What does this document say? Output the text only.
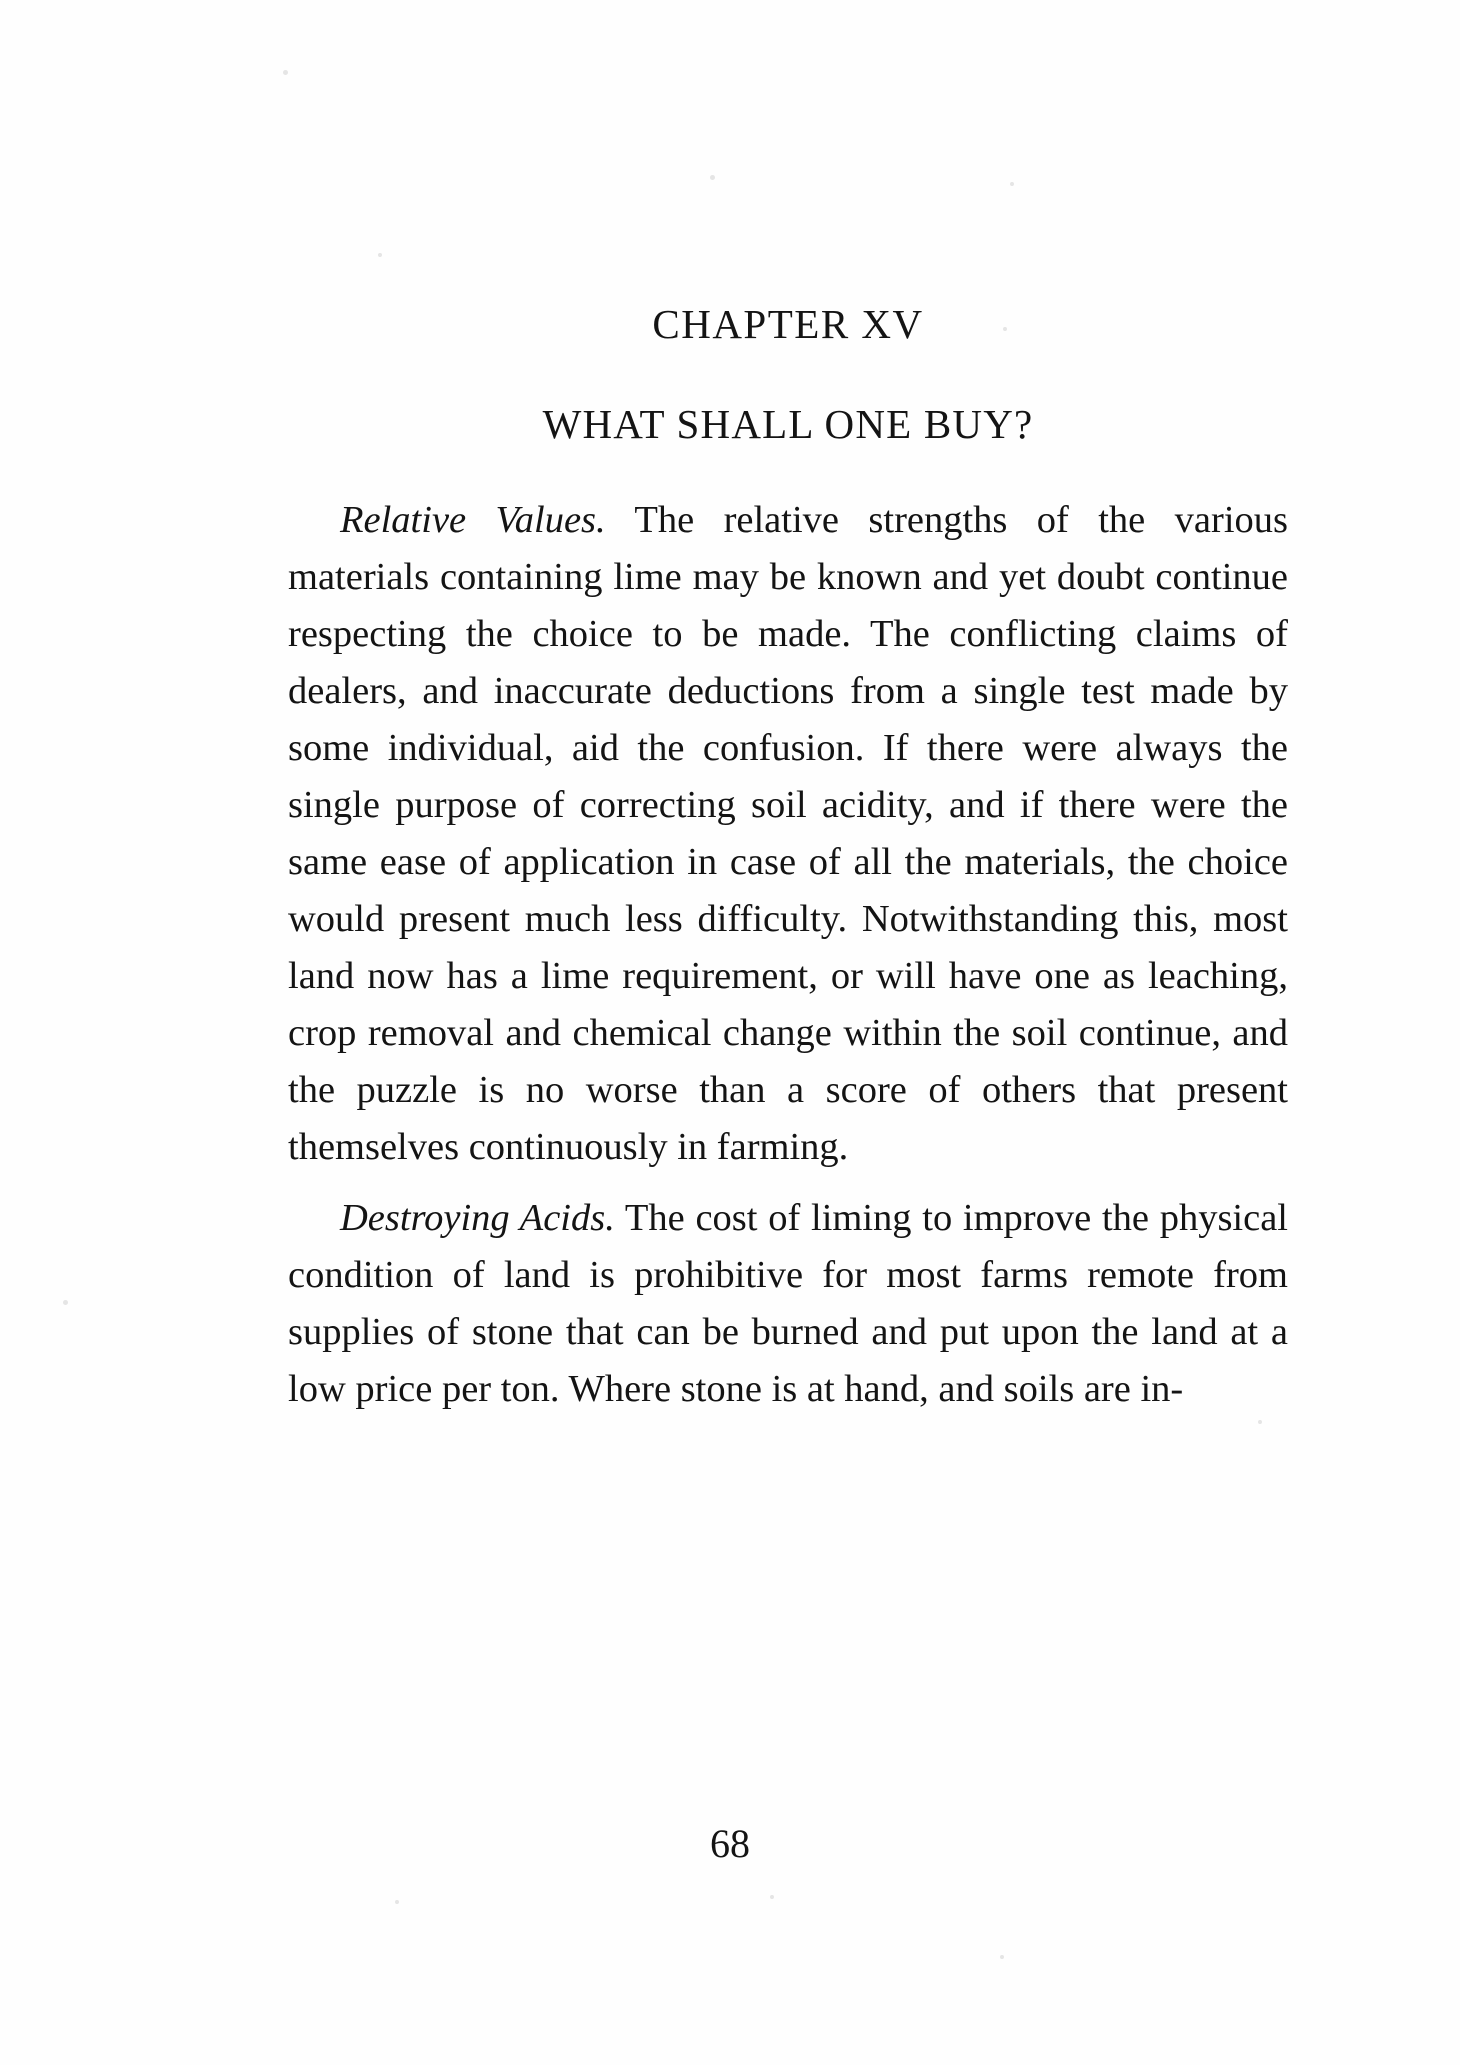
CHAPTER XV
WHAT SHALL ONE BUY?

Relative Values. The relative strengths of the various materials containing lime may be known and yet doubt continue respecting the choice to be made. The conflicting claims of dealers, and inaccurate deductions from a single test made by some individual, aid the confusion. If there were always the single purpose of correcting soil acidity, and if there were the same ease of application in case of all the materials, the choice would present much less difficulty. Notwithstanding this, most land now has a lime requirement, or will have one as leaching, crop removal and chemical change within the soil continue, and the puzzle is no worse than a score of others that present themselves continuously in farming.

Destroying Acids. The cost of liming to improve the physical condition of land is prohibitive for most farms remote from supplies of stone that can be burned and put upon the land at a low price per ton. Where stone is at hand, and soils are in-

68
